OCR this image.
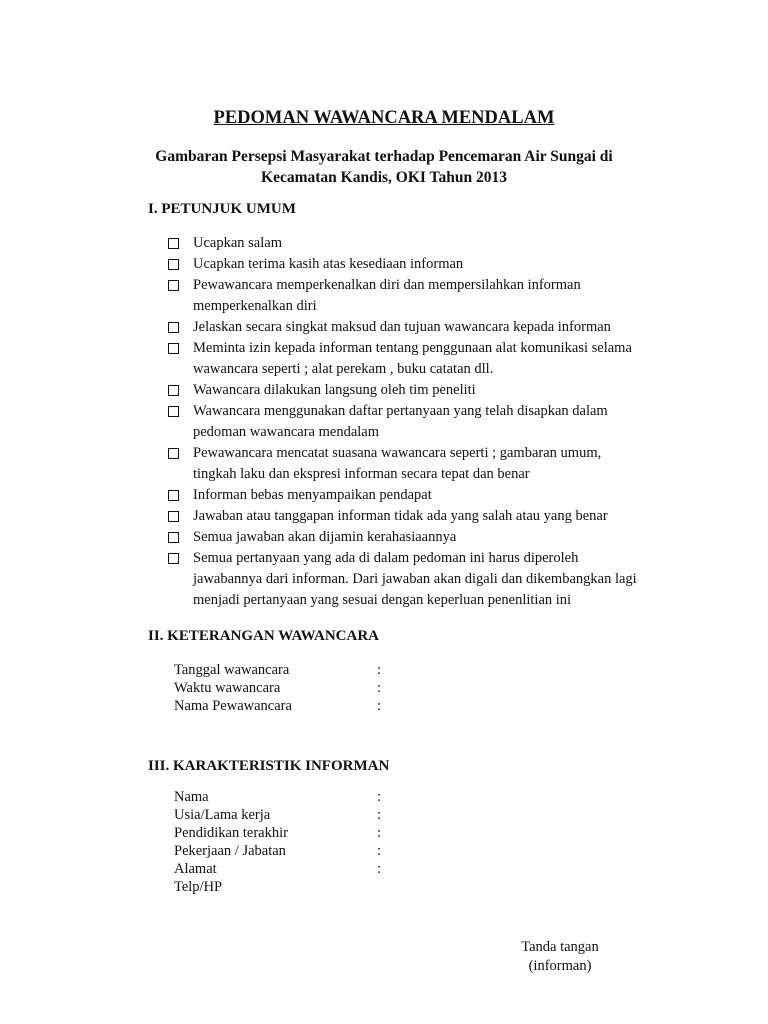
PEDOMAN WAWANCARA MENDALAM

Gambaran Persepsi Masyarakat terhadap Pencemaran Air Sungai di Kecamatan Kandis, OKI Tahun 2013

I. PETUNJUK UMUM
Ucapkan salam
Ucapkan terima kasih atas kesediaan informan
Pewawancara memperkenalkan diri dan mempersilahkan informan memperkenalkan diri
Jelaskan secara singkat maksud dan tujuan wawancara kepada informan
Meminta izin kepada informan tentang penggunaan alat komunikasi selama wawancara seperti ; alat perekam , buku catatan dll.
Wawancara dilakukan langsung oleh tim peneliti
Wawancara menggunakan daftar pertanyaan yang telah disapkan dalam pedoman wawancara mendalam
Pewawancara mencatat suasana wawancara seperti ; gambaran umum, tingkah laku dan ekspresi informan secara tepat dan benar
Informan bebas menyampaikan pendapat
Jawaban atau tanggapan informan tidak ada yang salah atau yang benar
Semua jawaban akan dijamin kerahasiaannya
Semua pertanyaan yang ada di dalam pedoman ini harus diperoleh jawabannya dari informan. Dari jawaban akan digali dan dikembangkan lagi menjadi pertanyaan yang sesuai dengan keperluan penenlitian ini
II. KETERANGAN WAWANCARA
Tanggal wawancara	:
Waktu wawancara	:
Nama Pewawancara	:
III. KARAKTERISTIK INFORMAN
Nama	:
Usia/Lama kerja	:
Pendidikan terakhir	:
Pekerjaan / Jabatan	:
Alamat	:
Telp/HP
Tanda tangan
(informan)
